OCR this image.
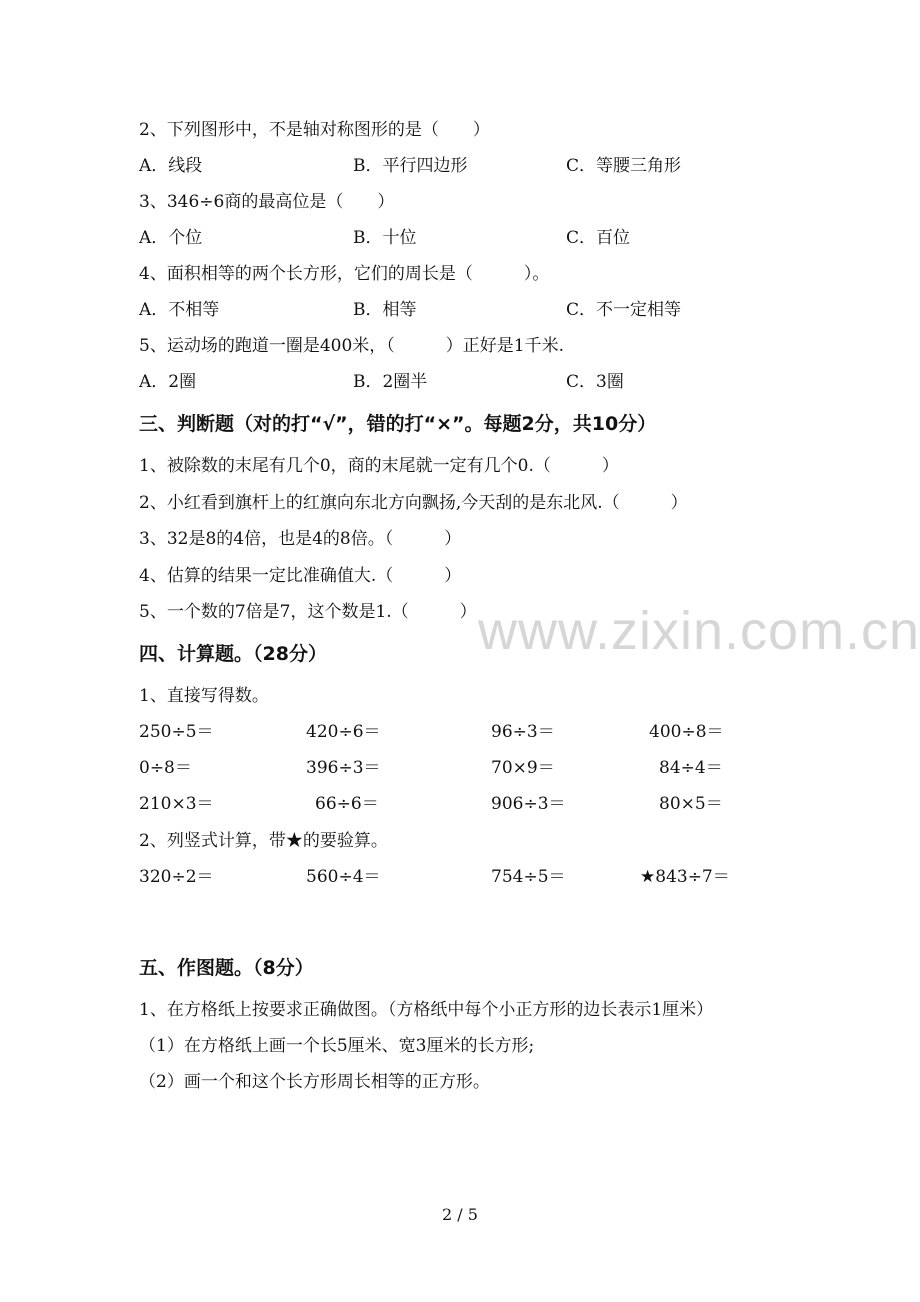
www.zixin.com.cn
2、下列图形中，不是轴对称图形的是（　　）
A．线段	B．平行四边形	C．等腰三角形
3、346÷6商的最高位是（　　）
A．个位	B．十位	C．百位
4、面积相等的两个长方形，它们的周长是（　　　）。
A．不相等	B．相等	C．不一定相等
5、运动场的跑道一圈是400米，（　　　）正好是1千米.
A．2圈	B．2圈半	C．3圈
三、判断题（对的打“√”，错的打“×”。每题2分，共10分）
1、被除数的末尾有几个0，商的末尾就一定有几个0.（　　　）
2、小红看到旗杆上的红旗向东北方向飘扬,今天刮的是东北风.（　　　）
3、32是8的4倍，也是4的8倍。（　　　）
4、估算的结果一定比准确值大.（　　　）
5、一个数的7倍是7，这个数是1.（　　　）
四、计算题。（28分）
1、直接写得数。
250÷5＝	420÷6＝	96÷3＝	400÷8＝
0÷8＝	396÷3＝	70×9＝	84÷4＝
210×3＝	66÷6＝	906÷3＝	80×5＝
2、列竖式计算，带★的要验算。
320÷2＝	560÷4＝	754÷5＝	★843÷7＝
五、作图题。（8分）
1、在方格纸上按要求正确做图。（方格纸中每个小正方形的边长表示1厘米）
（1）在方格纸上画一个长5厘米、宽3厘米的长方形;
（2）画一个和这个长方形周长相等的正方形。
2 / 5
